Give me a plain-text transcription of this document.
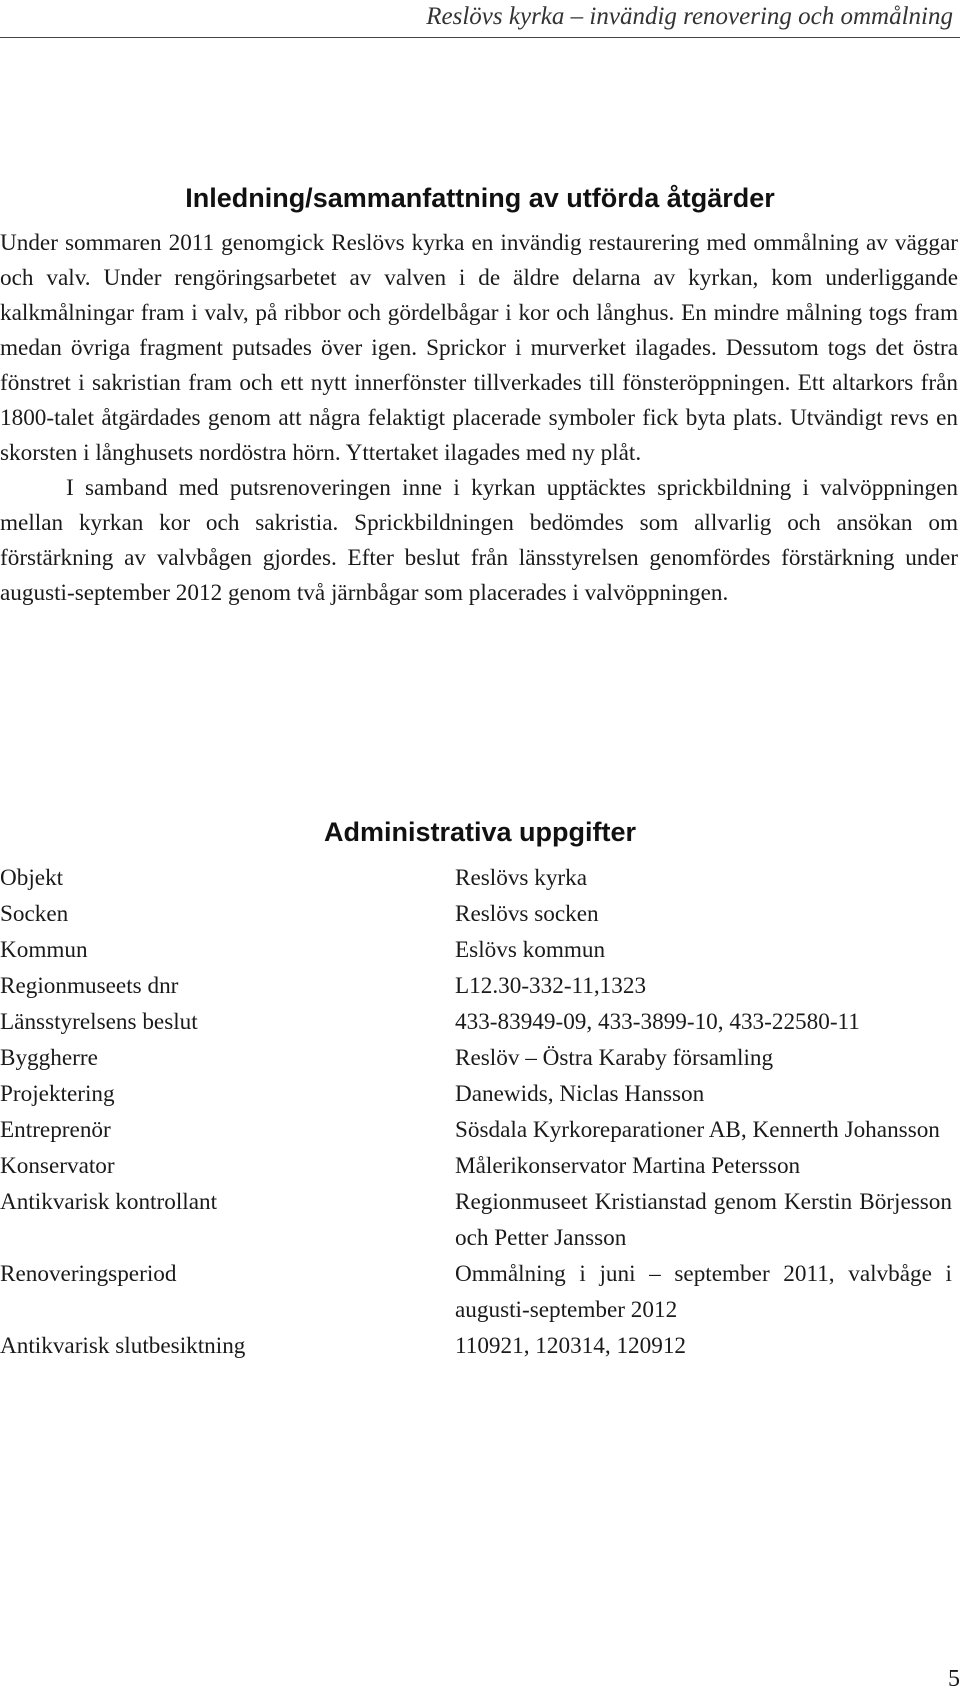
Reslövs kyrka – invändig renovering och ommålning
Inledning/sammanfattning av utförda åtgärder

Under sommaren 2011 genomgick Reslövs kyrka en invändig restaurering med ommålning av väggar och valv. Under rengöringsarbetet av valven i de äldre delarna av kyrkan, kom underliggande kalkmålningar fram i valv, på ribbor och gördelbågar i kor och långhus. En mindre målning togs fram medan övriga fragment putsades över igen. Sprickor i murverket ilagades. Dessutom togs det östra fönstret i sakristian fram och ett nytt innerfönster tillverkades till fönsteröppningen. Ett altarkors från 1800-talet åtgärdades genom att några felaktigt placerade symboler fick byta plats. Utvändigt revs en skorsten i långhusets nordöstra hörn. Yttertaket ilagades med ny plåt.

I samband med putsrenoveringen inne i kyrkan upptäcktes sprickbildning i valvöppningen mellan kyrkan kor och sakristia. Sprickbildningen bedömdes som allvarlig och ansökan om förstärkning av valvbågen gjordes. Efter beslut från länsstyrelsen genomfördes förstärkning under augusti-september 2012 genom två järnbågar som placerades i valvöppningen.

Administrativa uppgifter
Objekt	Reslövs kyrka
Socken	Reslövs socken
Kommun	Eslövs kommun
Regionmuseets dnr	L12.30-332-11,1323
Länsstyrelsens beslut	433-83949-09, 433-3899-10, 433-22580-11
Byggherre	Reslöv – Östra Karaby församling
Projektering	Danewids, Niclas Hansson
Entreprenör	Sösdala Kyrkoreparationer AB, Kennerth Johansson
Konservator	Målerikonservator Martina Petersson
Antikvarisk kontrollant	Regionmuseet Kristianstad genom Kerstin Börjesson och Petter Jansson
Renoveringsperiod	Ommålning i juni – september 2011, valvbåge i augusti-september 2012
Antikvarisk slutbesiktning	110921, 120314, 120912
5
